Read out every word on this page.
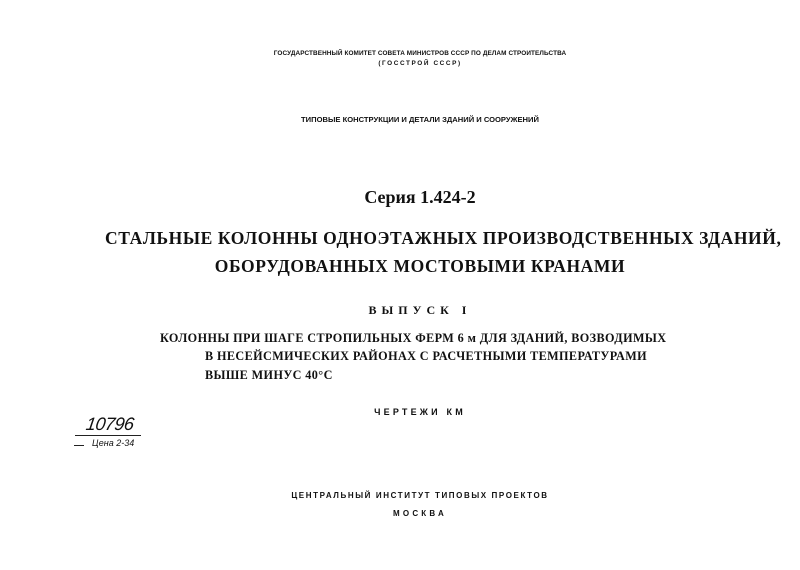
ГОСУДАРСТВЕННЫЙ КОМИТЕТ СОВЕТА МИНИСТРОВ СССР ПО ДЕЛАМ СТРОИТЕЛЬСТВА
(ГОССТРОЙ СССР)
ТИПОВЫЕ КОНСТРУКЦИИ И ДЕТАЛИ ЗДАНИЙ И СООРУЖЕНИЙ
Серия 1.424-2
СТАЛЬНЫЕ КОЛОННЫ ОДНОЭТАЖНЫХ ПРОИЗВОДСТВЕННЫХ ЗДАНИЙ,
ОБОРУДОВАННЫХ МОСТОВЫМИ КРАНАМИ
ВЫПУСК I
КОЛОННЫ ПРИ ШАГЕ СТРОПИЛЬНЫХ ФЕРМ 6 м ДЛЯ ЗДАНИЙ, ВОЗВОДИМЫХ
В НЕСЕЙСМИЧЕСКИХ РАЙОНАХ С РАСЧЕТНЫМИ ТЕМПЕРАТУРАМИ
ВЫШЕ МИНУС 40°С
ЧЕРТЕЖИ КМ
10796
Цена 2-34
ЦЕНТРАЛЬНЫЙ ИНСТИТУТ ТИПОВЫХ ПРОЕКТОВ
МОСКВА
